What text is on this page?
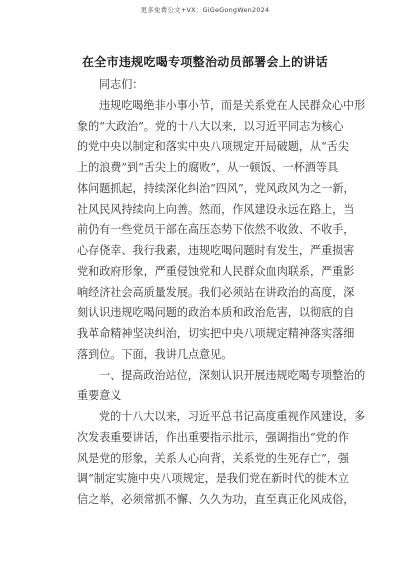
更多免费公文+VX：GiGeGongWen2024
在全市违规吃喝专项整治动员部署会上的讲话
同志们：
违规吃喝绝非小事小节，而是关系党在人民群众心中形
象的“大政治”。党的十八大以来，以习近平同志为核心
的党中央以制定和落实中央八项规定开局破题，从“舌尖
上的浪费”到“舌尖上的腐败”，从一顿饭、一杯酒等具
体问题抓起，持续深化纠治“四风”，党风政风为之一新，
社风民风持续向上向善。然而，作风建设永远在路上，当
前仍有一些党员干部在高压态势下依然不收敛、不收手，
心存侥幸、我行我素，违规吃喝问题时有发生，严重损害
党和政府形象，严重侵蚀党和人民群众血肉联系，严重影
响经济社会高质量发展。我们必须站在讲政治的高度，深
刻认识违规吃喝问题的政治本质和政治危害，以彻底的自
我革命精神坚决纠治，切实把中央八项规定精神落实落细
落到位。下面，我讲几点意见。
一、提高政治站位，深刻认识开展违规吃喝专项整治的
重要意义
党的十八大以来，习近平总书记高度重视作风建设，多
次发表重要讲话，作出重要指示批示，强调指出“党的作
风是党的形象，关系人心向背，关系党的生死存亡”，强
调“制定实施中央八项规定，是我们党在新时代的徙木立
信之举，必须常抓不懈、久久为功，直至真正化风成俗，
